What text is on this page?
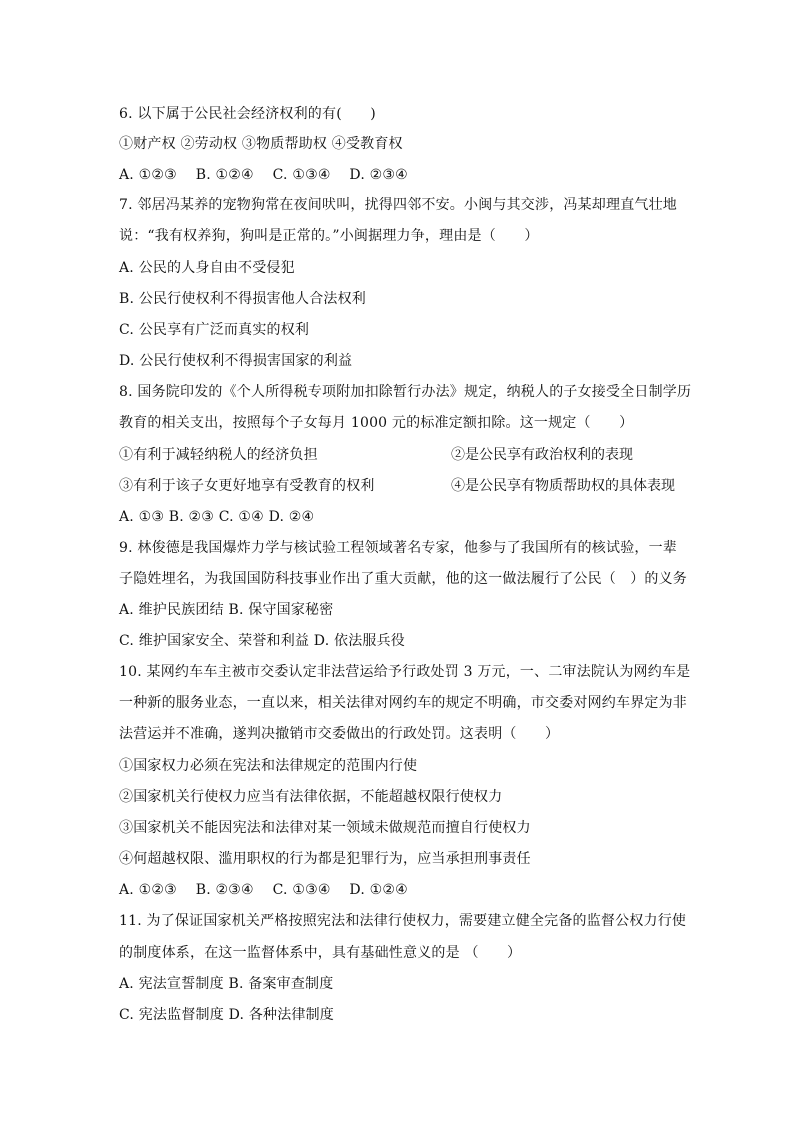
6. 以下属于公民社会经济权利的有(　　)
①财产权 ②劳动权 ③物质帮助权 ④受教育权
A. ①②③　 B. ①②④　 C. ①③④　 D. ②③④
7. 邻居冯某养的宠物狗常在夜间吠叫，扰得四邻不安。小闽与其交涉，冯某却理直气壮地
说：“我有权养狗，狗叫是正常的。”小闽据理力争，理由是（　　）
A. 公民的人身自由不受侵犯
B. 公民行使权利不得损害他人合法权利
C. 公民享有广泛而真实的权利
D. 公民行使权利不得损害国家的利益
8. 国务院印发的《个人所得税专项附加扣除暂行办法》规定，纳税人的子女接受全日制学历
教育的相关支出，按照每个子女每月 1000 元的标准定额扣除。这一规定（　　）
①有利于减轻纳税人的经济负担	②是公民享有政治权利的表现
③有利于该子女更好地享有受教育的权利	④是公民享有物质帮助权的具体表现
A. ①③ B. ②③ C. ①④ D. ②④
9. 林俊德是我国爆炸力学与核试验工程领域著名专家，他参与了我国所有的核试验，一辈
子隐姓埋名，为我国国防科技事业作出了重大贡献，他的这一做法履行了公民（　）的义务
A. 维护民族团结 B. 保守国家秘密
C. 维护国家安全、荣誉和利益 D. 依法服兵役
10. 某网约车车主被市交委认定非法营运给予行政处罚 3 万元，一、二审法院认为网约车是
一种新的服务业态，一直以来，相关法律对网约车的规定不明确，市交委对网约车界定为非
法营运并不准确，遂判决撤销市交委做出的行政处罚。这表明（　　）
①国家权力必须在宪法和法律规定的范围内行使
②国家机关行使权力应当有法律依据，不能超越权限行使权力
③国家机关不能因宪法和法律对某一领域未做规范而擅自行使权力
④何超越权限、滥用职权的行为都是犯罪行为，应当承担刑事责任
A. ①②③　 B. ②③④　 C. ①③④　 D. ①②④
11. 为了保证国家机关严格按照宪法和法律行使权力，需要建立健全完备的监督公权力行使
的制度体系，在这一监督体系中，具有基础性意义的是 （　　）
A. 宪法宣誓制度 B. 备案审查制度
C. 宪法监督制度 D. 各种法律制度
